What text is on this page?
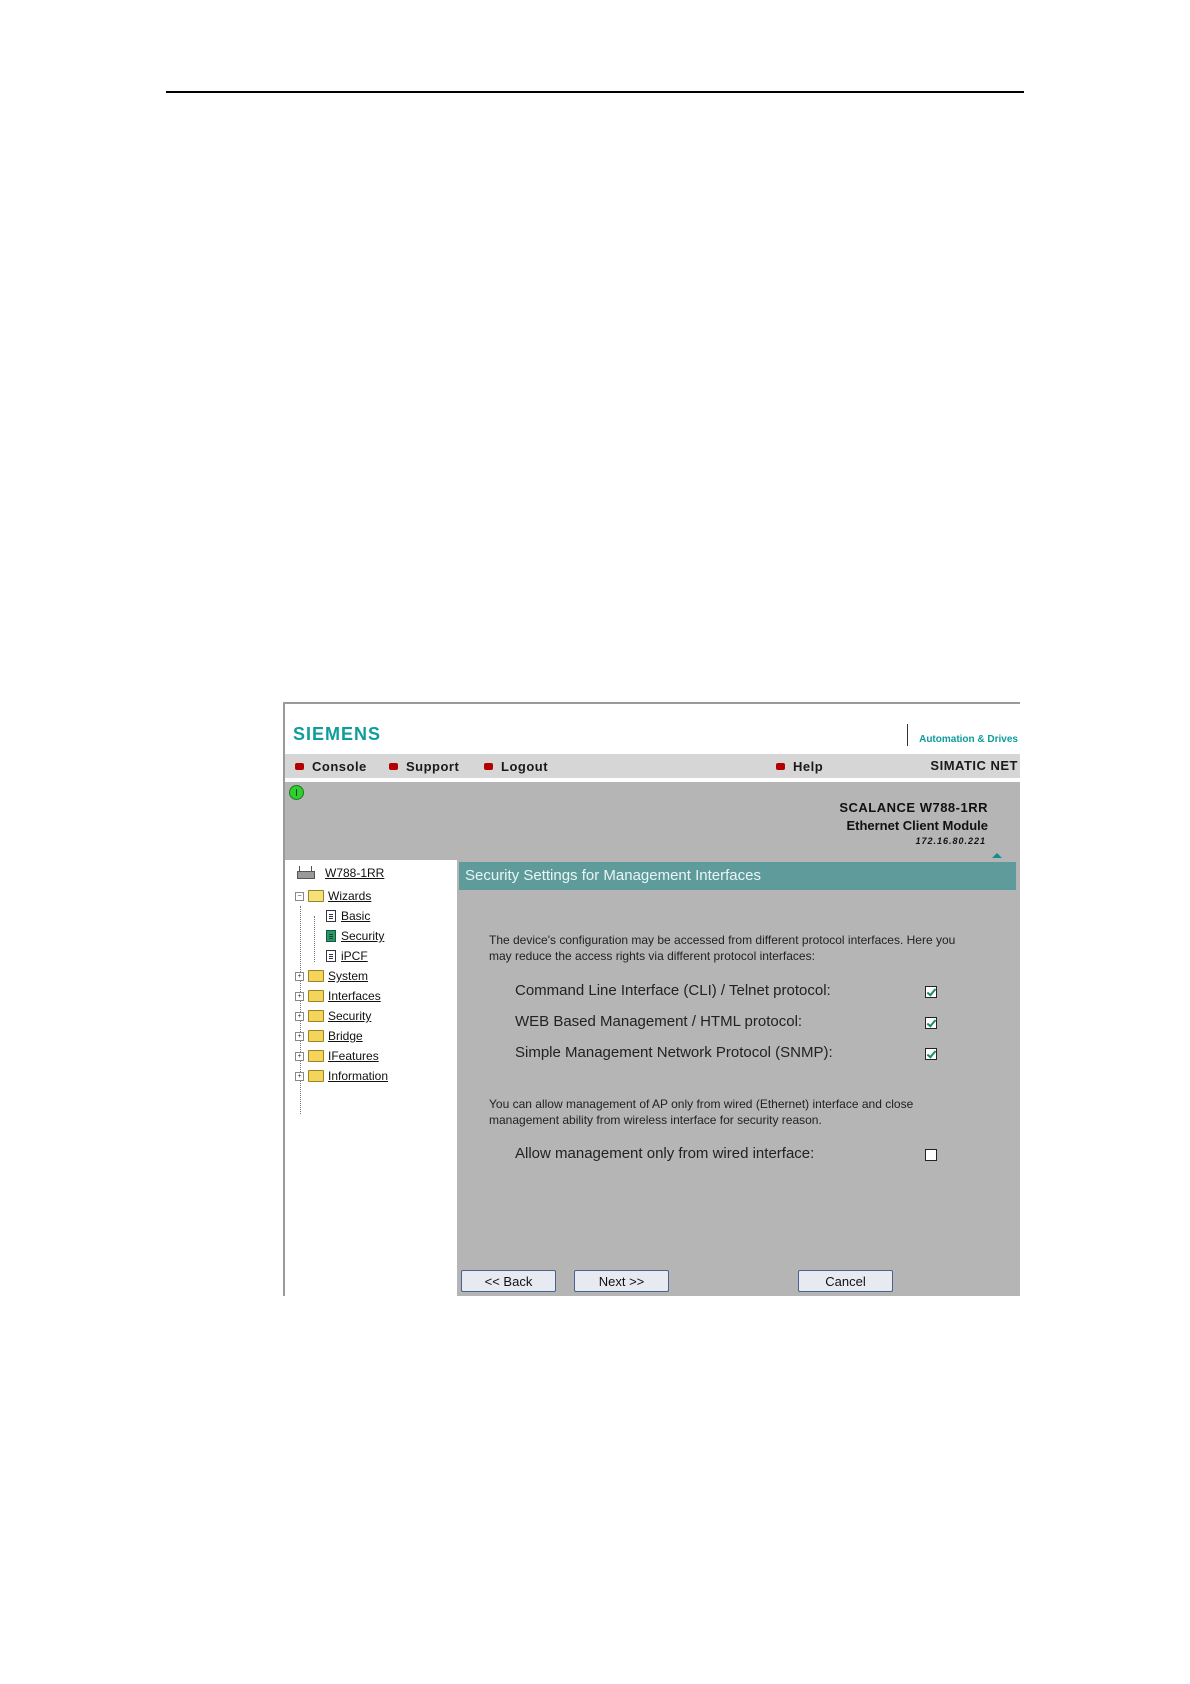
SIEMENS	Automation & Drives
Console	Support	Logout	Help	SIMATIC NET
SCALANCE W788-1RR
Ethernet Client Module
172.16.80.221
W788-1RR
− Wizards
Basic
Security
iPCF
+ System
+ Interfaces
+ Security
+ Bridge
+ IFeatures
+ Information
Security Settings for Management Interfaces
The device's configuration may be accessed from different protocol interfaces. Here you may reduce the access rights via different protocol interfaces:
Command Line Interface (CLI) / Telnet protocol:
WEB Based Management / HTML protocol:
Simple Management Network Protocol (SNMP):
You can allow management of AP only from wired (Ethernet) interface and close management ability from wireless interface for security reason.
Allow management only from wired interface:
<< Back	Next >>	Cancel
